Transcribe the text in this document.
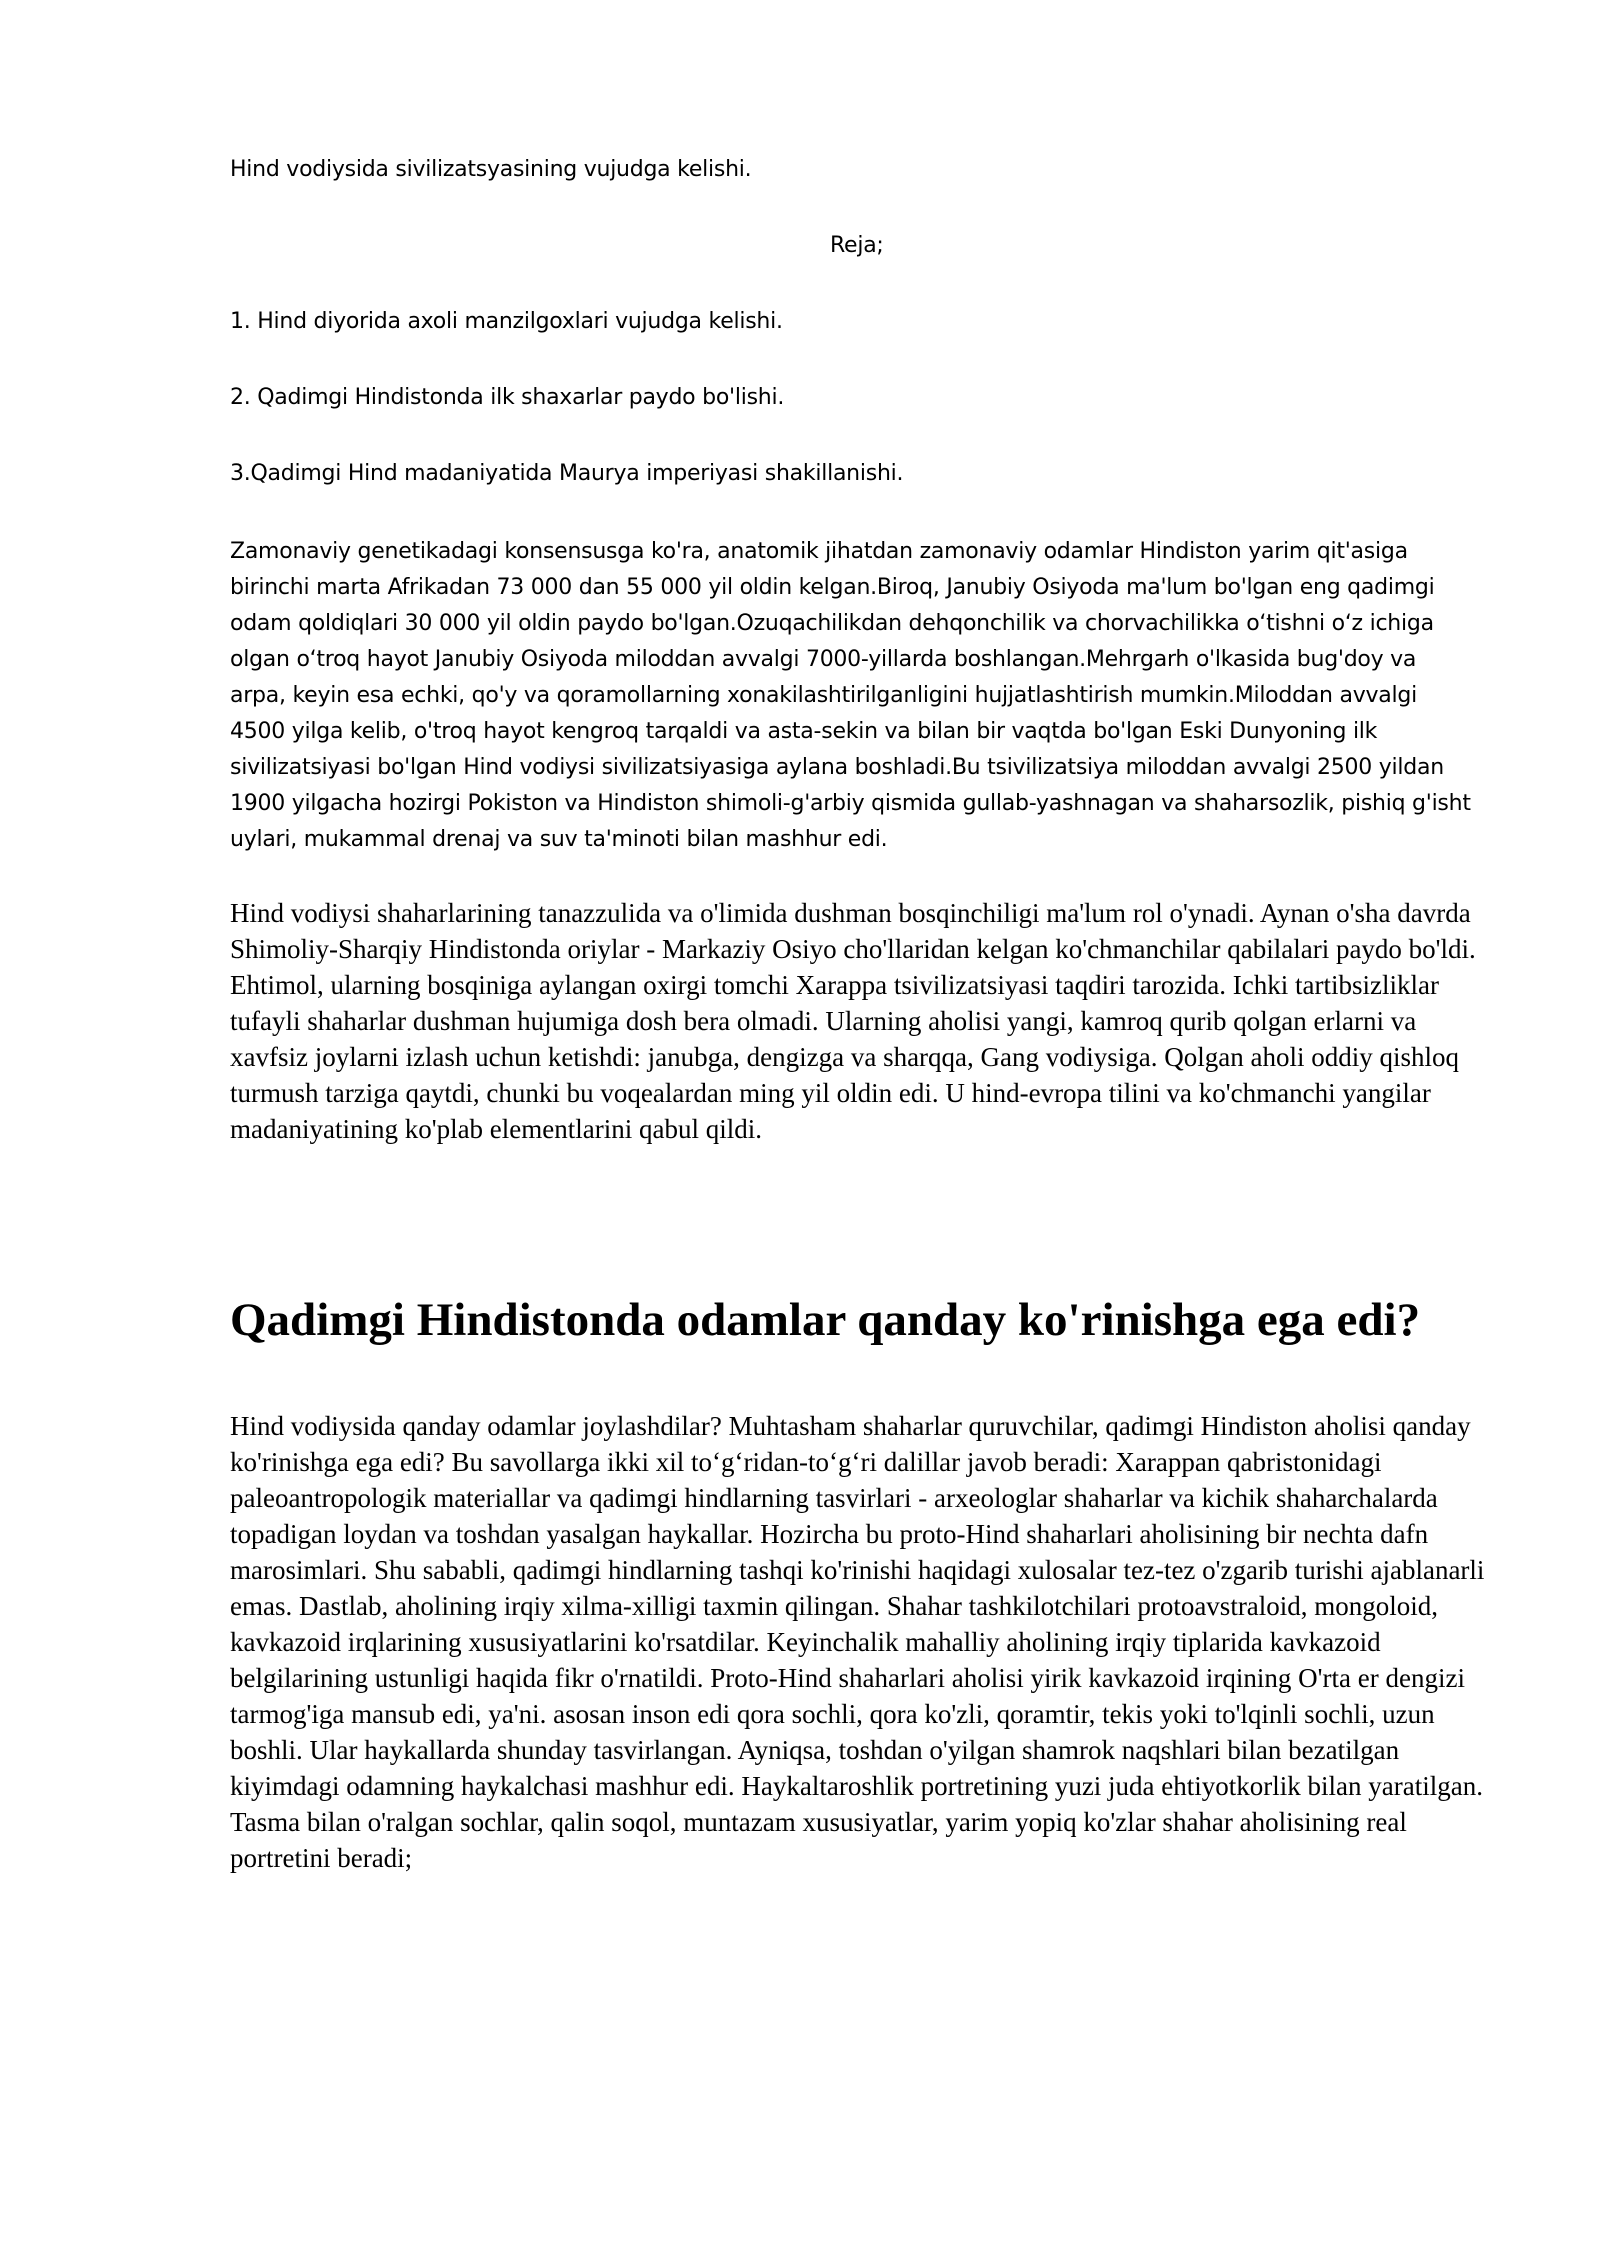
Hind vodiysida sivilizatsyasining vujudga kelishi.

Reja;

1. Hind diyorida axoli manzilgoxlari vujudga kelishi.

2. Qadimgi Hindistonda ilk shaxarlar paydo bo'lishi.

3.Qadimgi Hind madaniyatida Maurya imperiyasi shakillanishi.

Zamonaviy genetikadagi konsensusga ko'ra, anatomik jihatdan zamonaviy odamlar Hindiston yarim qit'asiga birinchi marta Afrikadan 73 000 dan 55 000 yil oldin kelgan.Biroq, Janubiy Osiyoda ma'lum bo'lgan eng qadimgi odam qoldiqlari 30 000 yil oldin paydo bo'lgan.Ozuqachilikdan dehqonchilik va chorvachilikka o‘tishni o‘z ichiga olgan o‘troq hayot Janubiy Osiyoda miloddan avvalgi 7000-yillarda boshlangan.Mehrgarh o'lkasida bug'doy va arpa, keyin esa echki, qo'y va qoramollarning xonakilashtirilganligini hujjatlashtirish mumkin.Miloddan avvalgi 4500 yilga kelib, o'troq hayot kengroq tarqaldi va asta-sekin va bilan bir vaqtda bo'lgan Eski Dunyoning ilk sivilizatsiyasi bo'lgan Hind vodiysi sivilizatsiyasiga aylana boshladi.Bu tsivilizatsiya miloddan avvalgi 2500 yildan 1900 yilgacha hozirgi Pokiston va Hindiston shimoli-g'arbiy qismida gullab-yashnagan va shaharsozlik, pishiq g'isht uylari, mukammal drenaj va suv ta'minoti bilan mashhur edi.

Hind vodiysi shaharlarining tanazzulida va o'limida dushman bosqinchiligi ma'lum rol o'ynadi. Aynan o'sha davrda Shimoliy-Sharqiy Hindistonda oriylar - Markaziy Osiyo cho'llaridan kelgan ko'chmanchilar qabilalari paydo bo'ldi. Ehtimol, ularning bosqiniga aylangan oxirgi tomchi Xarappa tsivilizatsiyasi taqdiri tarozida. Ichki tartibsizliklar tufayli shaharlar dushman hujumiga dosh bera olmadi. Ularning aholisi yangi, kamroq qurib qolgan erlarni va xavfsiz joylarni izlash uchun ketishdi: janubga, dengizga va sharqqa, Gang vodiysiga. Qolgan aholi oddiy qishloq turmush tarziga qaytdi, chunki bu voqealardan ming yil oldin edi. U hind-evropa tilini va ko'chmanchi yangilar madaniyatining ko'plab elementlarini qabul qildi.

Qadimgi Hindistonda odamlar qanday ko'rinishga ega edi?

Hind vodiysida qanday odamlar joylashdilar? Muhtasham shaharlar quruvchilar, qadimgi Hindiston aholisi qanday ko'rinishga ega edi? Bu savollarga ikki xil to‘g‘ridan-to‘g‘ri dalillar javob beradi: Xarappan qabristonidagi paleoantropologik materiallar va qadimgi hindlarning tasvirlari - arxeologlar shaharlar va kichik shaharchalarda topadigan loydan va toshdan yasalgan haykallar. Hozircha bu proto-Hind shaharlari aholisining bir nechta dafn marosimlari. Shu sababli, qadimgi hindlarning tashqi ko'rinishi haqidagi xulosalar tez-tez o'zgarib turishi ajablanarli emas. Dastlab, aholining irqiy xilma-xilligi taxmin qilingan. Shahar tashkilotchilari protoavstraloid, mongoloid, kavkazoid irqlarining xususiyatlarini ko'rsatdilar. Keyinchalik mahalliy aholining irqiy tiplarida kavkazoid belgilarining ustunligi haqida fikr o'rnatildi. Proto-Hind shaharlari aholisi yirik kavkazoid irqining O'rta er dengizi tarmog'iga mansub edi, ya'ni. asosan inson edi qora sochli, qora ko'zli, qoramtir, tekis yoki to'lqinli sochli, uzun boshli. Ular haykallarda shunday tasvirlangan. Ayniqsa, toshdan o'yilgan shamrok naqshlari bilan bezatilgan kiyimdagi odamning haykalchasi mashhur edi. Haykaltaroshlik portretining yuzi juda ehtiyotkorlik bilan yaratilgan. Tasma bilan o'ralgan sochlar, qalin soqol, muntazam xususiyatlar, yarim yopiq ko'zlar shahar aholisining real portretini beradi;
